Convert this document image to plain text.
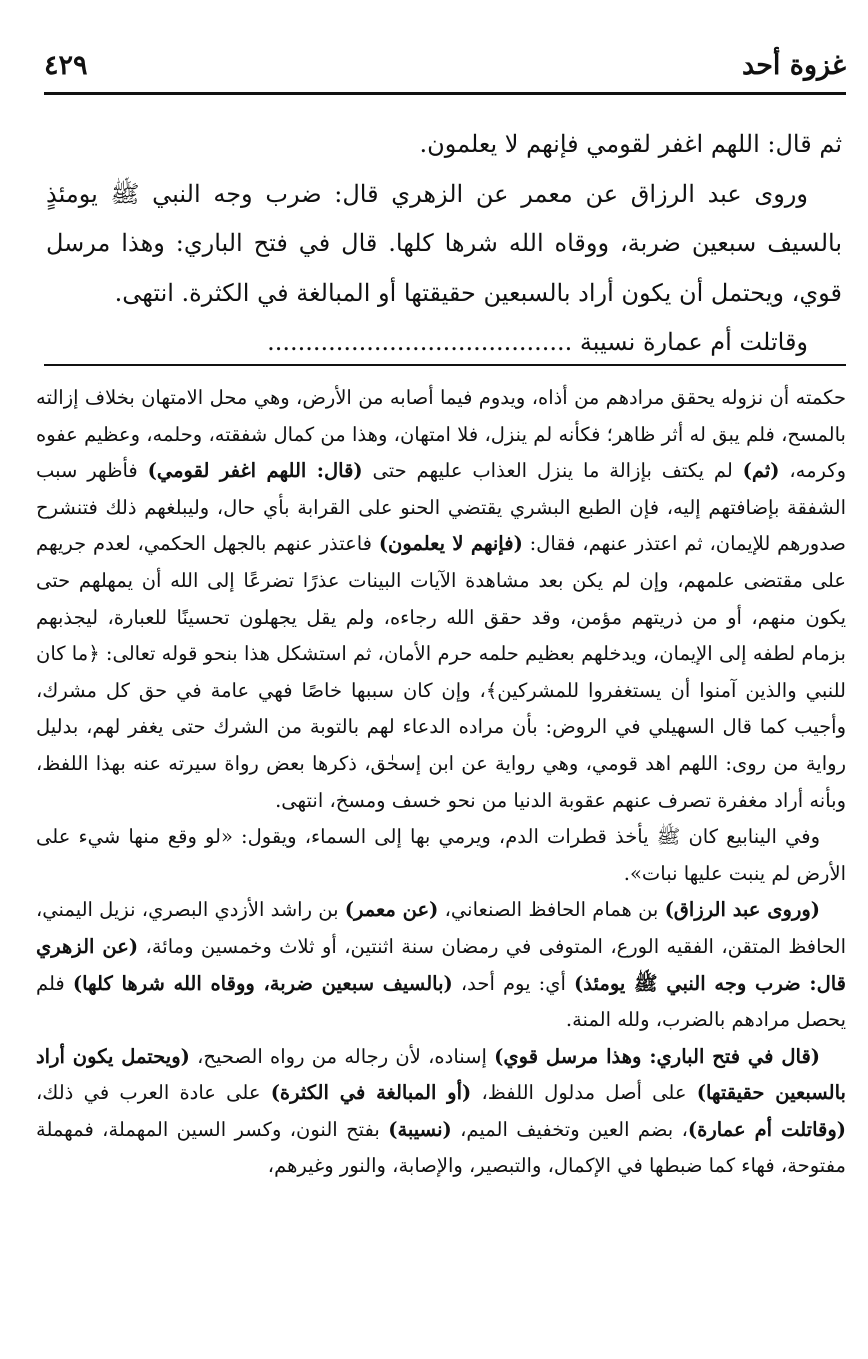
غزوة أحد
٤٢٩

ثم قال: اللهم اغفر لقومي فإنهم لا يعلمون.

وروى عبد الرزاق عن معمر عن الزهري قال: ضرب وجه النبي ﷺ يومئذٍ بالسيف سبعين ضربة، ووقاه الله شرها كلها. قال في فتح الباري: وهذا مرسل قوي، ويحتمل أن يكون أراد بالسبعين حقيقتها أو المبالغة في الكثرة. انتهى.

وقاتلت أم عمارة نسيبة ........................................

حكمته أن نزوله يحقق مرادهم من أذاه، ويدوم فيما أصابه من الأرض، وهي محل الامتهان بخلاف إزالته بالمسح، فلم يبق له أثر ظاهر؛ فكأنه لم ينزل، فلا امتهان، وهذا من كمال شفقته، وحلمه، وعظيم عفوه وكرمه، (ثم) لم يكتف بإزالة ما ينزل العذاب عليهم حتى (قال: اللهم اغفر لقومي) فأظهر سبب الشفقة بإضافتهم إليه، فإن الطبع البشري يقتضي الحنو على القرابة بأي حال، وليبلغهم ذلك فتنشرح صدورهم للإيمان، ثم اعتذر عنهم، فقال: (فإنهم لا يعلمون) فاعتذر عنهم بالجهل الحكمي، لعدم جريهم على مقتضى علمهم، وإن لم يكن بعد مشاهدة الآيات البينات عذرًا تضرعًا إلى الله أن يمهلهم حتى يكون منهم، أو من ذريتهم مؤمن، وقد حقق الله رجاءه، ولم يقل يجهلون تحسينًا للعبارة، ليجذبهم بزمام لطفه إلى الإيمان، ويدخلهم بعظيم حلمه حرم الأمان، ثم استشكل هذا بنحو قوله تعالى: ﴿ما كان للنبي والذين آمنوا أن يستغفروا للمشركين﴾، وإن كان سببها خاصًا فهي عامة في حق كل مشرك، وأجيب كما قال السهيلي في الروض: بأن مراده الدعاء لهم بالتوبة من الشرك حتى يغفر لهم، بدليل رواية من روى: اللهم اهد قومي، وهي رواية عن ابن إسحٰق، ذكرها بعض رواة سيرته عنه بهذا اللفظ، وبأنه أراد مغفرة تصرف عنهم عقوبة الدنيا من نحو خسف ومسخ، انتهى.

وفي الينابيع كان ﷺ يأخذ قطرات الدم، ويرمي بها إلى السماء، ويقول: «لو وقع منها شيء على الأرض لم ينبت عليها نبات».

(وروى عبد الرزاق) بن همام الحافظ الصنعاني، (عن معمر) بن راشد الأزدي البصري، نزيل اليمني، الحافظ المتقن، الفقيه الورع، المتوفى في رمضان سنة اثنتين، أو ثلاث وخمسين ومائة، (عن الزهري قال: ضرب وجه النبي ﷺ يومئذ) أي: يوم أحد، (بالسيف سبعين ضربة، ووقاه الله شرها كلها) فلم يحصل مرادهم بالضرب، ولله المنة.

(قال في فتح الباري: وهذا مرسل قوي) إسناده، لأن رجاله من رواه الصحيح، (ويحتمل يكون أراد بالسبعين حقيقتها) على أصل مدلول اللفظ، (أو المبالغة في الكثرة) على عادة العرب في ذلك، (وقاتلت أم عمارة)، بضم العين وتخفيف الميم، (نسيبة) بفتح النون، وكسر السين المهملة، فمهملة مفتوحة، فهاء كما ضبطها في الإكمال، والتبصير، والإصابة، والنور وغيرهم،
